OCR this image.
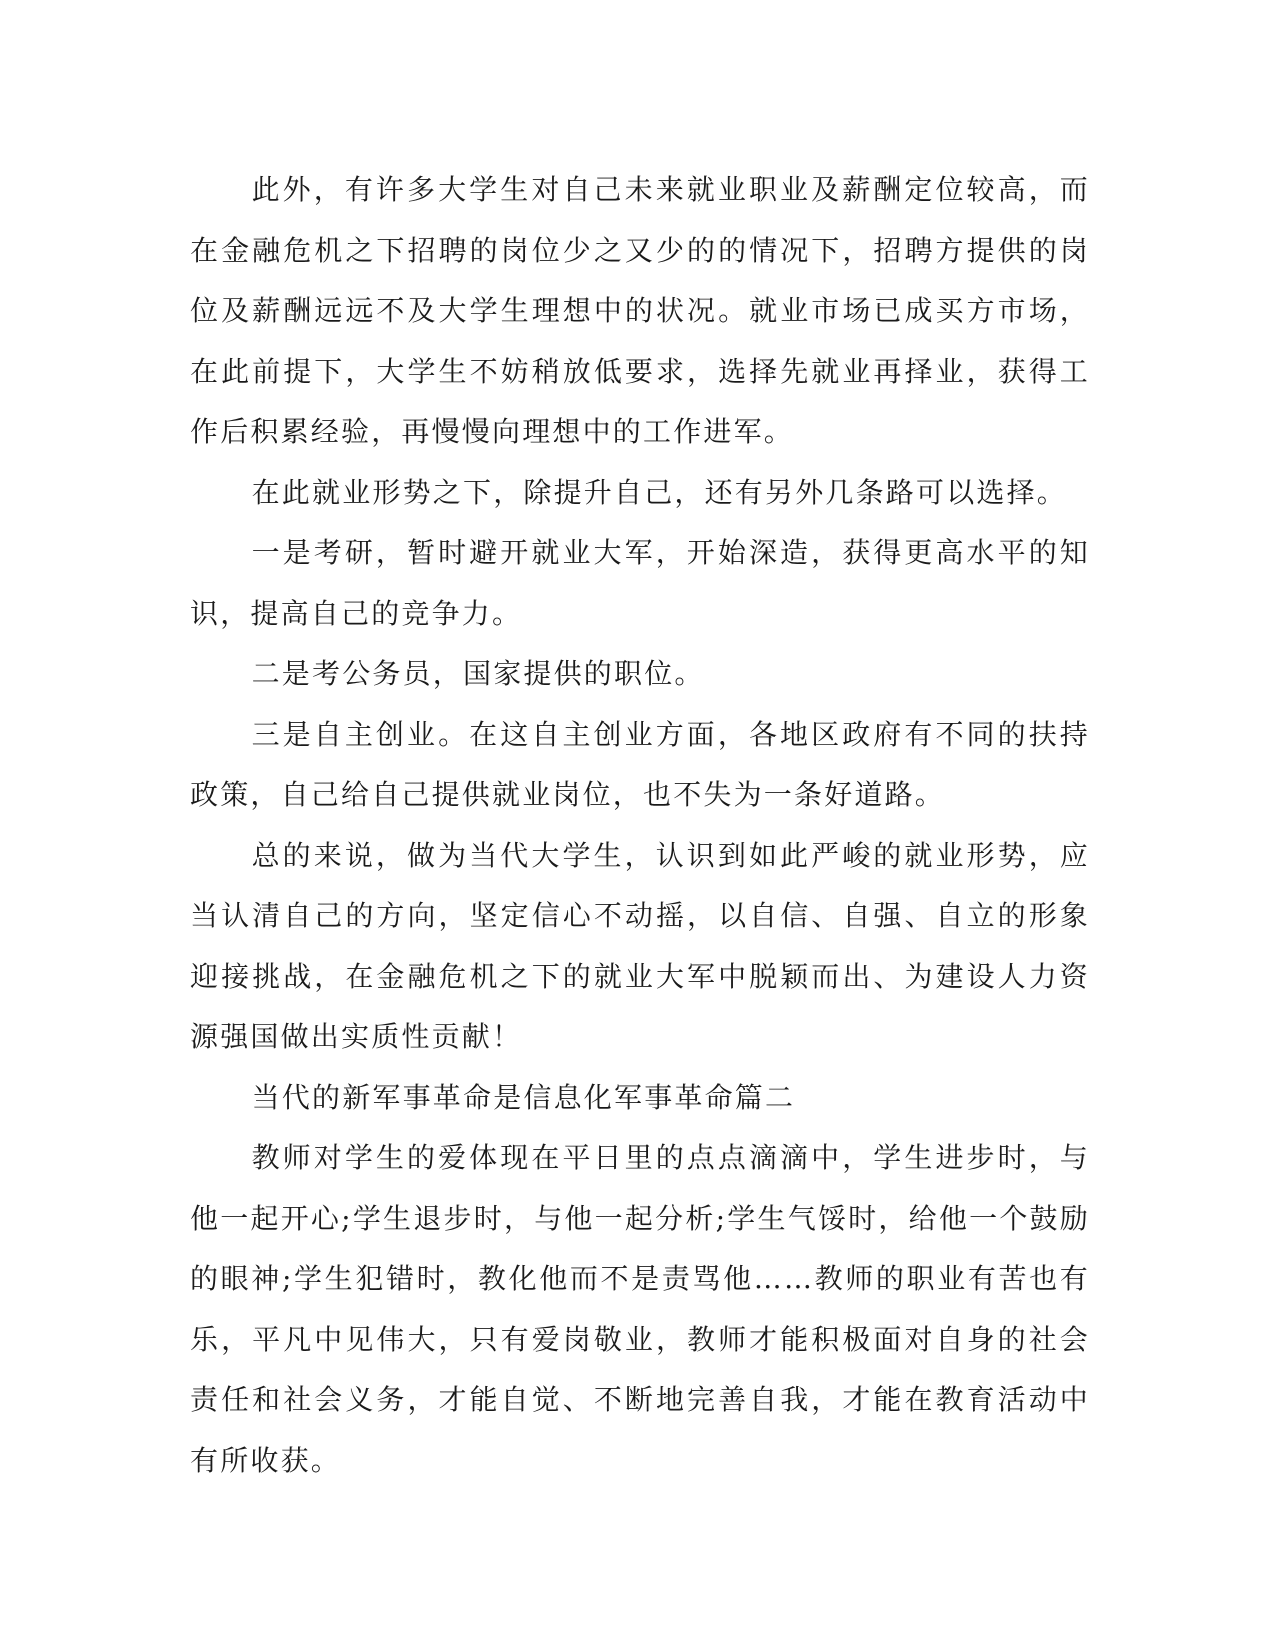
此外，有许多大学生对自己未来就业职业及薪酬定位较高，而在金融危机之下招聘的岗位少之又少的的情况下，招聘方提供的岗位及薪酬远远不及大学生理想中的状况。就业市场已成买方市场，在此前提下，大学生不妨稍放低要求，选择先就业再择业，获得工作后积累经验，再慢慢向理想中的工作进军。

在此就业形势之下，除提升自己，还有另外几条路可以选择。

一是考研，暂时避开就业大军，开始深造，获得更高水平的知识，提高自己的竞争力。

二是考公务员，国家提供的职位。

三是自主创业。在这自主创业方面，各地区政府有不同的扶持政策，自己给自己提供就业岗位，也不失为一条好道路。

总的来说，做为当代大学生，认识到如此严峻的就业形势，应当认清自己的方向，坚定信心不动摇，以自信、自强、自立的形象迎接挑战，在金融危机之下的就业大军中脱颖而出、为建设人力资源强国做出实质性贡献！

当代的新军事革命是信息化军事革命篇二

教师对学生的爱体现在平日里的点点滴滴中，学生进步时，与他一起开心;学生退步时，与他一起分析;学生气馁时，给他一个鼓励的眼神;学生犯错时，教化他而不是责骂他……教师的职业有苦也有乐，平凡中见伟大，只有爱岗敬业，教师才能积极面对自身的社会责任和社会义务，才能自觉、不断地完善自我，才能在教育活动中有所收获。
